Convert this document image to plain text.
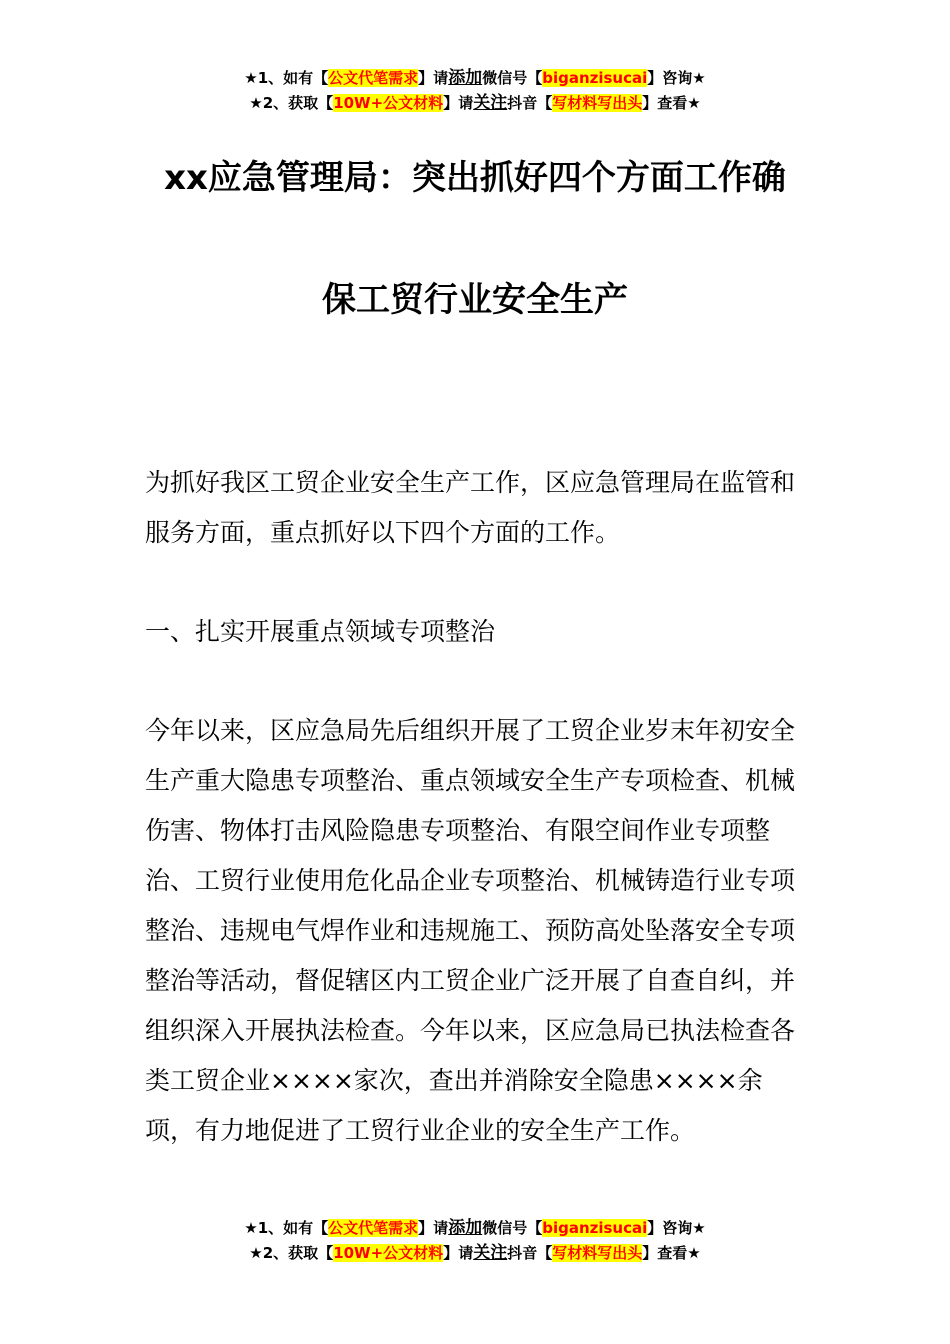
★1、如有【公文代笔需求】请添加微信号【biganzisucai】咨询★
★2、获取【10W+公文材料】请关注抖音【写材料写出头】查看★
xx应急管理局：突出抓好四个方面工作确
保工贸行业安全生产
为抓好我区工贸企业安全生产工作，区应急管理局在监管和服务方面，重点抓好以下四个方面的工作。
一、扎实开展重点领域专项整治
今年以来，区应急局先后组织开展了工贸企业岁末年初安全生产重大隐患专项整治、重点领域安全生产专项检查、机械伤害、物体打击风险隐患专项整治、有限空间作业专项整治、工贸行业使用危化品企业专项整治、机械铸造行业专项整治、违规电气焊作业和违规施工、预防高处坠落安全专项整治等活动，督促辖区内工贸企业广泛开展了自查自纠，并组织深入开展执法检查。今年以来，区应急局已执法检查各类工贸企业××××家次，查出并消除安全隐患××××余项，有力地促进了工贸行业企业的安全生产工作。
★1、如有【公文代笔需求】请添加微信号【biganzisucai】咨询★
★2、获取【10W+公文材料】请关注抖音【写材料写出头】查看★
